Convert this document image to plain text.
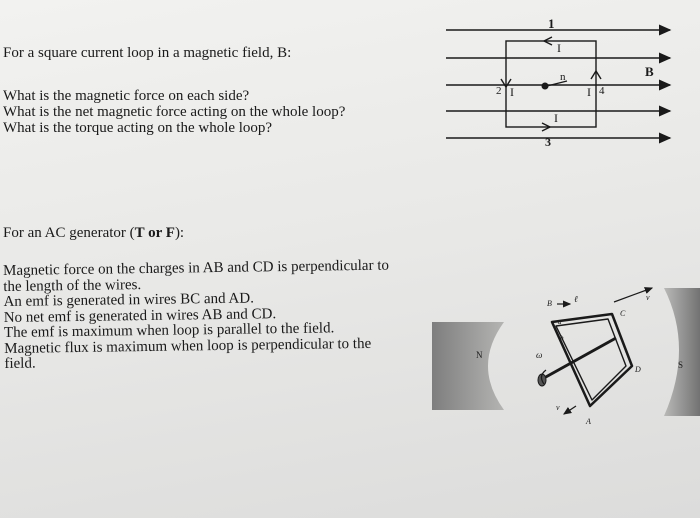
For a square current loop in a magnetic field, B:
What is the magnetic force on each side?
What is the net magnetic force acting on the whole loop?
What is the torque acting on the whole loop?
1
I
B
n
2 I	I 4
I
3
For an AC generator (T or F):
Magnetic force on the charges in AB and CD is perpendicular to
the length of the wires.
An emf is generated in wires BC and AD.
No net emf is generated in wires AB and CD.
The emf is maximum when loop is parallel to the field.
Magnetic flux is maximum when loop is perpendicular to the
field.
N
S
B ℓ
C
D
A
ω
v
v
a
b
